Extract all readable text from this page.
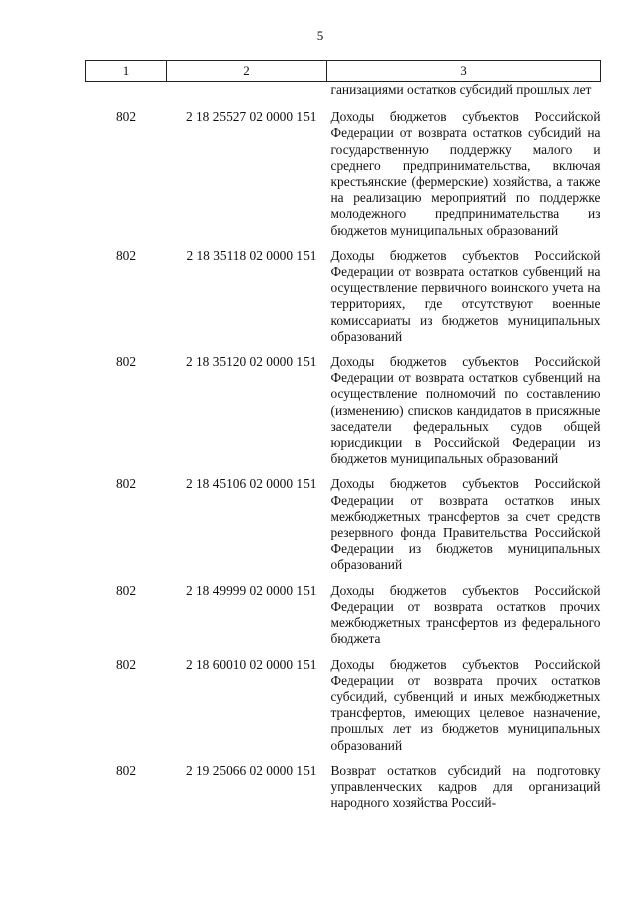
5
1	2	3
		ганизациями остатков субсидий прошлых лет
802	2 18 25527 02 0000 151	Доходы бюджетов субъектов Российской Федерации от возврата остатков субсидий на государственную поддержку малого и среднего предпринимательства, включая крестьянские (фермерские) хозяйства, а также на реализацию мероприятий по поддержке молодежного предпринимательства из бюджетов муниципальных образований
802	2 18 35118 02 0000 151	Доходы бюджетов субъектов Российской Федерации от возврата остатков субвенций на осуществление первичного воинского учета на территориях, где отсутствуют военные комиссариаты из бюджетов муниципальных образований
802	2 18 35120 02 0000 151	Доходы бюджетов субъектов Российской Федерации от возврата остатков субвенций на осуществление полномочий по составлению (изменению) списков кандидатов в присяжные заседатели федеральных судов общей юрисдикции в Российской Федерации из бюджетов муниципальных образований
802	2 18 45106 02 0000 151	Доходы бюджетов субъектов Российской Федерации от возврата остатков иных межбюджетных трансфертов за счет средств резервного фонда Правительства Российской Федерации из бюджетов муниципальных образований
802	2 18 49999 02 0000 151	Доходы бюджетов субъектов Российской Федерации от возврата остатков прочих межбюджетных трансфертов из федерального бюджета
802	2 18 60010 02 0000 151	Доходы бюджетов субъектов Российской Федерации от возврата прочих остатков субсидий, субвенций и иных межбюджетных трансфертов, имеющих целевое назначение, прошлых лет из бюджетов муниципальных образований
802	2 19 25066 02 0000 151	Возврат остатков субсидий на подготовку управленческих кадров для организаций народного хозяйства Россий-
